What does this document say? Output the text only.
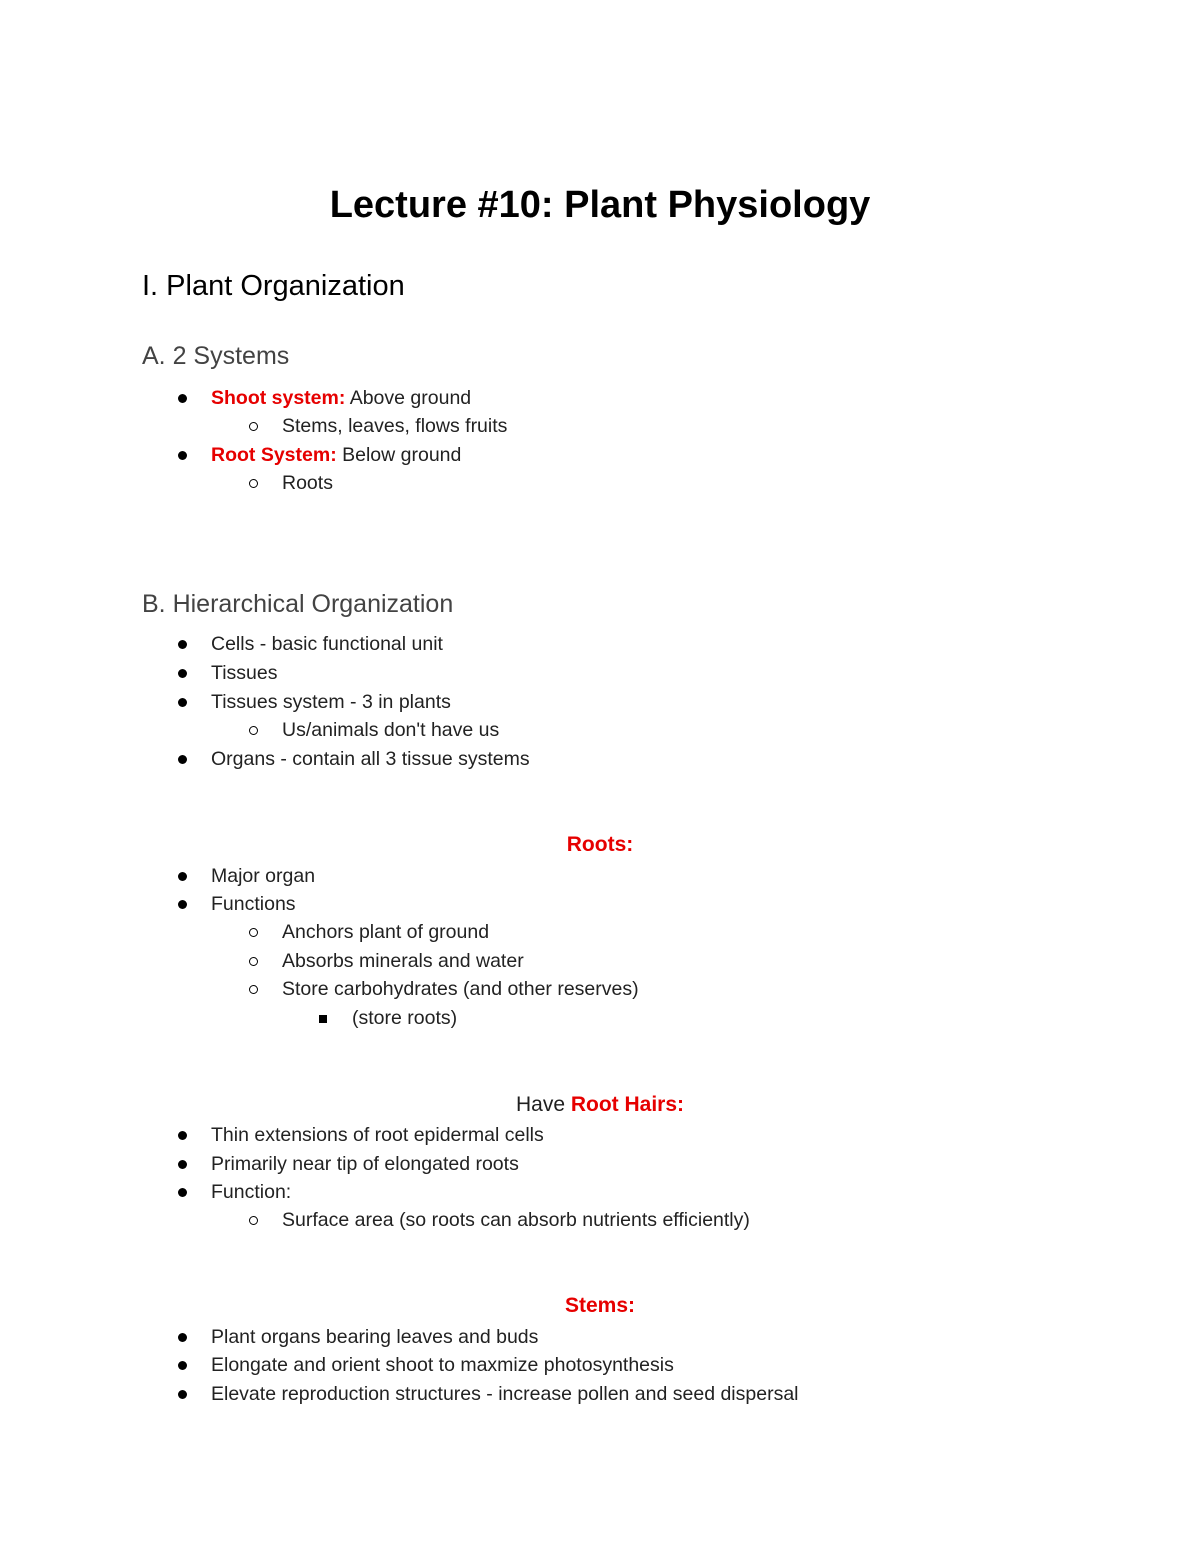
Lecture #10: Plant Physiology
I. Plant Organization
A. 2 Systems
Shoot system: Above ground
Stems, leaves, flows fruits
Root System: Below ground
Roots
B. Hierarchical Organization
Cells - basic functional unit
Tissues
Tissues system - 3 in plants
Us/animals don't have us
Organs - contain all 3 tissue systems
Roots:
Major organ
Functions
Anchors plant of ground
Absorbs minerals and water
Store carbohydrates (and other reserves)
(store roots)
Have Root Hairs:
Thin extensions of root epidermal cells
Primarily near tip of elongated roots
Function:
Surface area (so roots can absorb nutrients efficiently)
Stems:
Plant organs bearing leaves and buds
Elongate and orient shoot to maxmize photosynthesis
Elevate reproduction structures - increase pollen and seed dispersal
